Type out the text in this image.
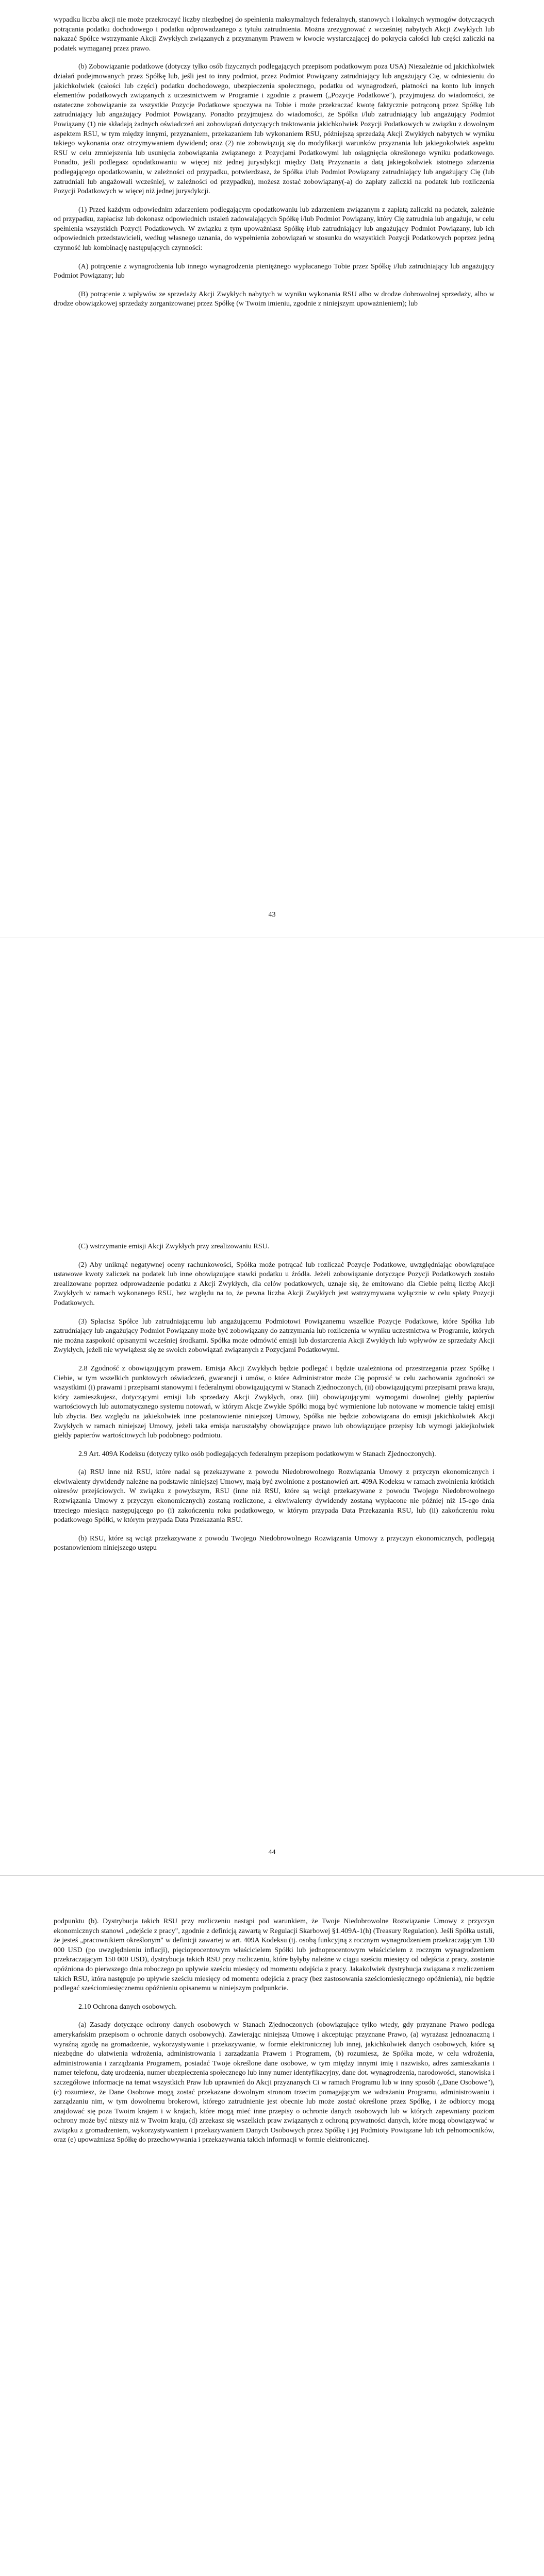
wypadku liczba akcji nie może przekroczyć liczby niezbędnej do spełnienia maksymalnych federalnych, stanowych i lokalnych wymogów dotyczących potrącania podatku dochodowego i podatku odprowadzanego z tytułu zatrudnienia. Można zrezygnować z wcześniej nabytych Akcji Zwykłych lub nakazać Spółce wstrzymanie Akcji Zwykłych związanych z przyznanym Prawem w kwocie wystarczającej do pokrycia całości lub części zaliczki na podatek wymaganej przez prawo.

(b) Zobowiązanie podatkowe (dotyczy tylko osób fizycznych podlegających przepisom podatkowym poza USA) Niezależnie od jakichkolwiek działań podejmowanych przez Spółkę lub, jeśli jest to inny podmiot, przez Podmiot Powiązany zatrudniający lub angażujący Cię, w odniesieniu do jakichkolwiek (całości lub części) podatku dochodowego, ubezpieczenia społecznego, podatku od wynagrodzeń, płatności na konto lub innych elementów podatkowych związanych z uczestnictwem w Programie i zgodnie z prawem („Pozycje Podatkowe"), przyjmujesz do wiadomości, że ostateczne zobowiązanie za wszystkie Pozycje Podatkowe spoczywa na Tobie i może przekraczać kwotę faktycznie potrąconą przez Spółkę lub zatrudniający lub angażujący Podmiot Powiązany. Ponadto przyjmujesz do wiadomości, że Spółka i/lub zatrudniający lub angażujący Podmiot Powiązany (1) nie składają żadnych oświadczeń ani zobowiązań dotyczących traktowania jakichkolwiek Pozycji Podatkowych w związku z dowolnym aspektem RSU, w tym między innymi, przyznaniem, przekazaniem lub wykonaniem RSU, późniejszą sprzedażą Akcji Zwykłych nabytych w wyniku takiego wykonania oraz otrzymywaniem dywidend; oraz (2) nie zobowiązują się do modyfikacji warunków przyznania lub jakiegokolwiek aspektu RSU w celu zmniejszenia lub usunięcia zobowiązania związanego z Pozycjami Podatkowymi lub osiągnięcia określonego wyniku podatkowego. Ponadto, jeśli podlegasz opodatkowaniu w więcej niż jednej jurysdykcji między Datą Przyznania a datą jakiegokolwiek istotnego zdarzenia podlegającego opodatkowaniu, w zależności od przypadku, potwierdzasz, że Spółka i/lub Podmiot Powiązany zatrudniający lub angażujący Cię (lub zatrudniali lub angażowali wcześniej, w zależności od przypadku), możesz zostać zobowiązany(-a) do zapłaty zaliczki na podatek lub rozliczenia Pozycji Podatkowych w więcej niż jednej jurysdykcji.

(1) Przed każdym odpowiednim zdarzeniem podlegającym opodatkowaniu lub zdarzeniem związanym z zapłatą zaliczki na podatek, zależnie od przypadku, zapłacisz lub dokonasz odpowiednich ustaleń zadowalających Spółkę i/lub Podmiot Powiązany, który Cię zatrudnia lub angażuje, w celu spełnienia wszystkich Pozycji Podatkowych. W związku z tym upoważniasz Spółkę i/lub zatrudniający lub angażujący Podmiot Powiązany, lub ich odpowiednich przedstawicieli, według własnego uznania, do wypełnienia zobowiązań w stosunku do wszystkich Pozycji Podatkowych poprzez jedną czynność lub kombinację następujących czynności:

(A) potrącenie z wynagrodzenia lub innego wynagrodzenia pieniężnego wypłacanego Tobie przez Spółkę i/lub zatrudniający lub angażujący Podmiot Powiązany; lub

(B) potrącenie z wpływów ze sprzedaży Akcji Zwykłych nabytych w wyniku wykonania RSU albo w drodze dobrowolnej sprzedaży, albo w drodze obowiązkowej sprzedaży zorganizowanej przez Spółkę (w Twoim imieniu, zgodnie z niniejszym upoważnieniem); lub

43

(C) wstrzymanie emisji Akcji Zwykłych przy zrealizowaniu RSU.

(2) Aby uniknąć negatywnej oceny rachunkowości, Spółka może potrącać lub rozliczać Pozycje Podatkowe, uwzględniając obowiązujące ustawowe kwoty zaliczek na podatek lub inne obowiązujące stawki podatku u źródła. Jeżeli zobowiązanie dotyczące Pozycji Podatkowych zostało zrealizowane poprzez odprowadzenie podatku z Akcji Zwykłych, dla celów podatkowych, uznaje się, że emitowano dla Ciebie pełną liczbę Akcji Zwykłych w ramach wykonanego RSU, bez względu na to, że pewna liczba Akcji Zwykłych jest wstrzymywana wyłącznie w celu spłaty Pozycji Podatkowych.

(3) Spłacisz Spółce lub zatrudniającemu lub angażującemu Podmiotowi Powiązanemu wszelkie Pozycje Podatkowe, które Spółka lub zatrudniający lub angażujący Podmiot Powiązany może być zobowiązany do zatrzymania lub rozliczenia w wyniku uczestnictwa w Programie, których nie można zaspokoić opisanymi wcześniej środkami. Spółka może odmówić emisji lub dostarczenia Akcji Zwykłych lub wpływów ze sprzedaży Akcji Zwykłych, jeżeli nie wywiążesz się ze swoich zobowiązań związanych z Pozycjami Podatkowymi.

2.8 Zgodność z obowiązującym prawem. Emisja Akcji Zwykłych będzie podlegać i będzie uzależniona od przestrzegania przez Spółkę i Ciebie, w tym wszelkich punktowych oświadczeń, gwarancji i umów, o które Administrator może Cię poprosić w celu zachowania zgodności ze wszystkimi (i) prawami i przepisami stanowymi i federalnymi obowiązującymi w Stanach Zjednoczonych, (ii) obowiązującymi przepisami prawa kraju, który zamieszkujesz, dotyczącymi emisji lub sprzedaży Akcji Zwykłych, oraz (iii) obowiązującymi wymogami dowolnej giełdy papierów wartościowych lub automatycznego systemu notowań, w którym Akcje Zwykłe Spółki mogą być wymienione lub notowane w momencie takiej emisji lub zbycia. Bez względu na jakiekolwiek inne postanowienie niniejszej Umowy, Spółka nie będzie zobowiązana do emisji jakichkolwiek Akcji Zwykłych w ramach niniejszej Umowy, jeżeli taka emisja naruszałyby obowiązujące prawo lub obowiązujące przepisy lub wymogi jakiejkolwiek giełdy papierów wartościowych lub podobnego podmiotu.

2.9 Art. 409A Kodeksu (dotyczy tylko osób podlegających federalnym przepisom podatkowym w Stanach Zjednoczonych).

(a) RSU inne niż RSU, które nadal są przekazywane z powodu Niedobrowolnego Rozwiązania Umowy z przyczyn ekonomicznych i ekwiwalenty dywidendy należne na podstawie niniejszej Umowy, mają być zwolnione z postanowień art. 409A Kodeksu w ramach zwolnienia krótkich okresów przejściowych. W związku z powyższym, RSU (inne niż RSU, które są wciąż przekazywane z powodu Twojego Niedobrowolnego Rozwiązania Umowy z przyczyn ekonomicznych) zostaną rozliczone, a ekwiwalenty dywidendy zostaną wypłacone nie później niż 15-ego dnia trzeciego miesiąca następującego po (i) zakończeniu roku podatkowego, w którym przypada Data Przekazania RSU, lub (ii) zakończeniu roku podatkowego Spółki, w którym przypada Data Przekazania RSU.

(b) RSU, które są wciąż przekazywane z powodu Twojego Niedobrowolnego Rozwiązania Umowy z przyczyn ekonomicznych, podlegają postanowieniom niniejszego ustępu

44

podpunktu (b). Dystrybucja takich RSU przy rozliczeniu nastąpi pod warunkiem, że Twoje Niedobrowolne Rozwiązanie Umowy z przyczyn ekonomicznych stanowi „odejście z pracy", zgodnie z definicją zawartą w Regulacji Skarbowej §1.409A-1(h) (Treasury Regulation). Jeśli Spółka ustali, że jesteś „pracownikiem określonym" w definicji zawartej w art. 409A Kodeksu (tj. osobą funkcyjną z rocznym wynagrodzeniem przekraczającym 130 000 USD (po uwzględnieniu inflacji), pięcioprocentowym właścicielem Spółki lub jednoprocentowym właścicielem z rocznym wynagrodzeniem przekraczającym 150 000 USD), dystrybucja takich RSU przy rozliczeniu, które byłyby należne w ciągu sześciu miesięcy od odejścia z pracy, zostanie opóźniona do pierwszego dnia roboczego po upływie sześciu miesięcy od momentu odejścia z pracy. Jakakolwiek dystrybucja związana z rozliczeniem takich RSU, która następuje po upływie sześciu miesięcy od momentu odejścia z pracy (bez zastosowania sześciomiesięcznego opóźnienia), nie będzie podlegać sześciomiesięcznemu opóźnieniu opisanemu w niniejszym podpunkcie.

2.10 Ochrona danych osobowych.

(a) Zasady dotyczące ochrony danych osobowych w Stanach Zjednoczonych (obowiązujące tylko wtedy, gdy przyznane Prawo podlega amerykańskim przepisom o ochronie danych osobowych). Zawierając niniejszą Umowę i akceptując przyznane Prawo, (a) wyrażasz jednoznaczną i wyraźną zgodę na gromadzenie, wykorzystywanie i przekazywanie, w formie elektronicznej lub innej, jakichkolwiek danych osobowych, które są niezbędne do ułatwienia wdrożenia, administrowania i zarządzania Prawem i Programem, (b) rozumiesz, że Spółka może, w celu wdrożenia, administrowania i zarządzania Programem, posiadać Twoje określone dane osobowe, w tym między innymi imię i nazwisko, adres zamieszkania i numer telefonu, datę urodzenia, numer ubezpieczenia społecznego lub inny numer identyfikacyjny, dane dot. wynagrodzenia, narodowości, stanowiska i szczegółowe informacje na temat wszystkich Praw lub uprawnień do Akcji przyznanych Ci w ramach Programu lub w inny sposób („Dane Osobowe"), (c) rozumiesz, że Dane Osobowe mogą zostać przekazane dowolnym stronom trzecim pomagającym we wdrażaniu Programu, administrowaniu i zarządzaniu nim, w tym dowolnemu brokerowi, którego zatrudnienie jest obecnie lub może zostać określone przez Spółkę, i że odbiorcy mogą znajdować się poza Twoim krajem i w krajach, które mogą mieć inne przepisy o ochronie danych osobowych lub w których zapewniany poziom ochrony może być niższy niż w Twoim kraju, (d) zrzekasz się wszelkich praw związanych z ochroną prywatności danych, które mogą obowiązywać w związku z gromadzeniem, wykorzystywaniem i przekazywaniem Danych Osobowych przez Spółkę i jej Podmioty Powiązane lub ich pełnomocników, oraz (e) upoważniasz Spółkę do przechowywania i przekazywania takich informacji w formie elektronicznej.
